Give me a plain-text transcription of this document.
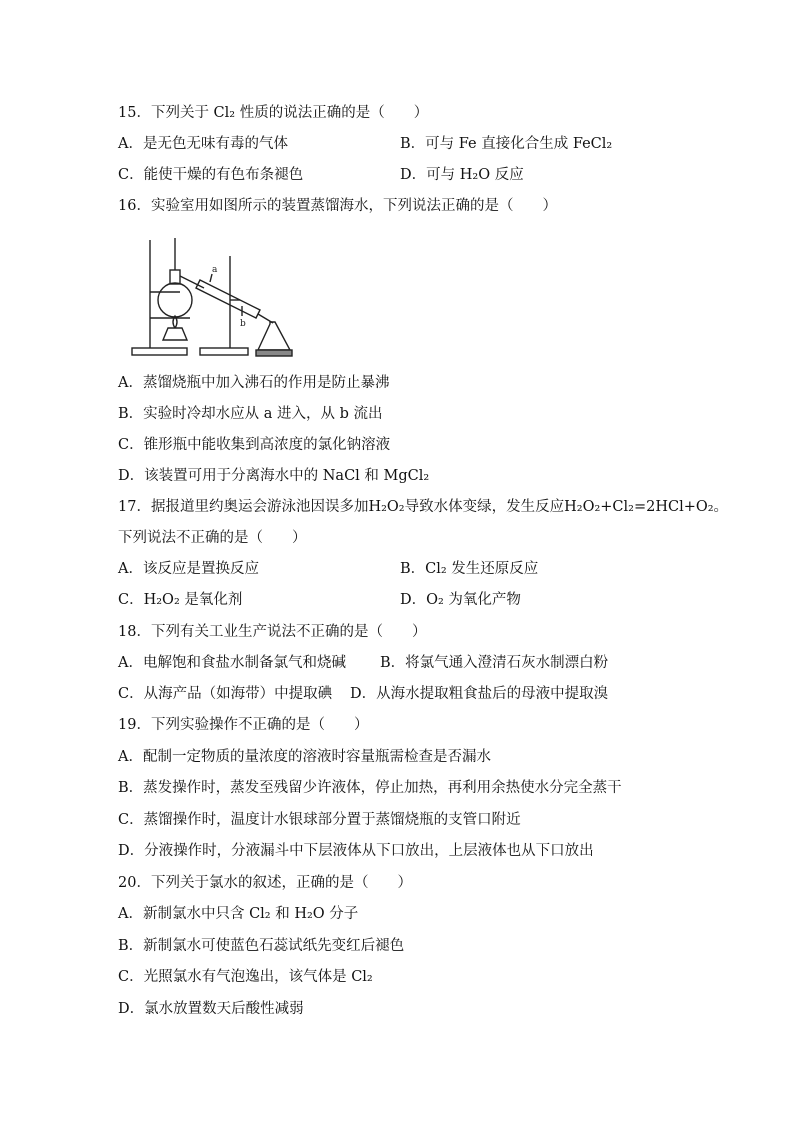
15．下列关于 Cl₂ 性质的说法正确的是（　　）
A．是无色无味有毒的气体	B．可与 Fe 直接化合生成 FeCl₂
C．能使干燥的有色布条褪色	D．可与 H₂O 反应
16．实验室用如图所示的装置蒸馏海水，下列说法正确的是（　　）
a
b
A．蒸馏烧瓶中加入沸石的作用是防止暴沸
B．实验时冷却水应从 a 进入，从 b 流出
C．锥形瓶中能收集到高浓度的氯化钠溶液
D．该装置可用于分离海水中的 NaCl 和 MgCl₂
17．据报道里约奥运会游泳池因误多加H₂O₂导致水体变绿，发生反应H₂O₂+Cl₂=2HCl+O₂。
下列说法不正确的是（　　）
A．该反应是置换反应	B．Cl₂ 发生还原反应
C．H₂O₂ 是氧化剂	D．O₂ 为氧化产物
18．下列有关工业生产说法不正确的是（　　）
A．电解饱和食盐水制备氯气和烧碱 B．将氯气通入澄清石灰水制漂白粉
C．从海产品（如海带）中提取碘 D．从海水提取粗食盐后的母液中提取溴
19．下列实验操作不正确的是（　　）
A．配制一定物质的量浓度的溶液时容量瓶需检查是否漏水
B．蒸发操作时，蒸发至残留少许液体，停止加热，再利用余热使水分完全蒸干
C．蒸馏操作时，温度计水银球部分置于蒸馏烧瓶的支管口附近
D．分液操作时，分液漏斗中下层液体从下口放出，上层液体也从下口放出
20．下列关于氯水的叙述，正确的是（　　）
A．新制氯水中只含 Cl₂ 和 H₂O 分子
B．新制氯水可使蓝色石蕊试纸先变红后褪色
C．光照氯水有气泡逸出，该气体是 Cl₂
D．氯水放置数天后酸性减弱
